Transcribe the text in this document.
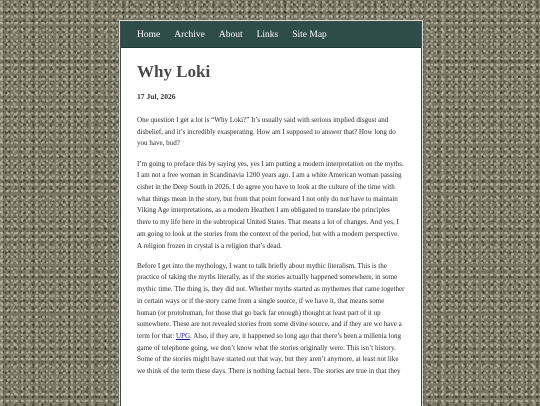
Home Archive About Links Site Map
Why Loki
17 Jul, 2026

One question I get a lot is “Why Loki?” It’s usually said with serious implied disgust and disbelief, and it’s incredibly exasperating. How am I supposed to answer that? How long do you have, bud?

I’m going to preface this by saying yes, yes I am putting a modern interpretation on the myths. I am not a free woman in Scandinavia 1200 years ago. I am a white American woman passing cishet in the Deep South in 2026. I do agree you have to look at the culture of the time with what things mean in the story, but from that point forward I not only do not have to maintain Viking Age interpretations, as a modern Heathen I am obligated to translate the principles there to my life here in the subtropical United States. That means a lot of changes. And yes, I am going to look at the stories from the context of the period, but with a modern perspective. A religion frozen in crystal is a religion that’s dead.

Before I get into the mythology, I want to talk briefly about mythic literalism. This is the practice of taking the myths literally, as if the stories actually happened somewhere, in some mythic time. The thing is, they did not. Whether myths started as mythemes that came together in certain ways or if the story came from a single source, if we have it, that means some human (or protohuman, for those that go back far enough) thought at least part of it up somewhere. These are not revealed stories from some divine source, and if they are we have a term for that: UPG. Also, if they are, it happened so long ago that there’s been a millenia long game of telephone going, we don’t know what the stories originally were. This isn’t history. Some of the stories might have started out that way, but they aren’t anymore, at least not like we think of the term these days. There is nothing factual here. The stories are true in that they
